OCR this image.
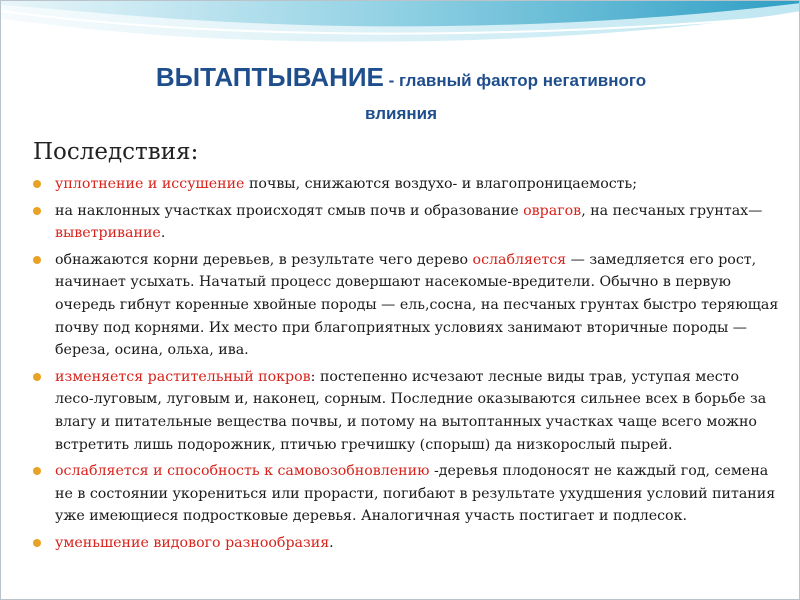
ВЫТАПТЫВАНИЕ - главный фактор негативного
влияния
Последствия:
уплотнение и иссушение почвы, снижаются воздухо- и влагопроницаемость;
на наклонных участках происходят смыв почв и образование оврагов, на песчаных грунтах—выветривание.
обнажаются корни деревьев, в результате чего дерево ослабляется — замедляется его рост, начинает усыхать. Начатый процесс довершают насекомые-вредители. Обычно в первую очередь гибнут коренные хвойные породы — ель,сосна, на песчаных грунтах быстро теряющая почву под корнями. Их место при благоприятных условиях занимают вторичные породы — береза, осина, ольха, ива.
изменяется растительный покров: постепенно исчезают лесные виды трав, уступая место лесо-луговым, луговым и, наконец, сорным. Последние оказываются сильнее всех в борьбе за влагу и питательные вещества почвы, и потому на вытоптанных участках чаще всего можно встретить лишь подорожник, птичью гречишку (спорыш) да низкорослый пырей.
ослабляется и способность к самовозобновлению -деревья плодоносят не каждый год, семена не в состоянии укорениться или прорасти, погибают в результате ухудшения условий питания уже имеющиеся подростковые деревья. Аналогичная участь постигает и подлесок.
уменьшение видового разнообразия.
